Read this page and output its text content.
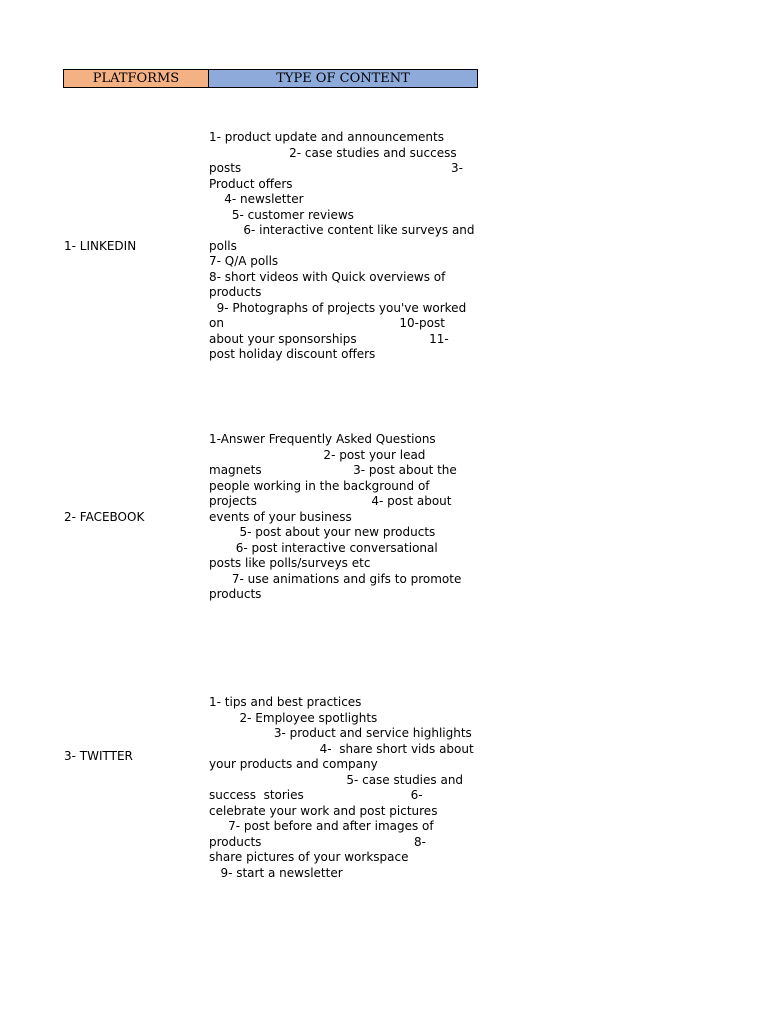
PLATFORMS	TYPE OF CONTENT
1- LINKEDIN
1- product update and announcements
2- case studies and success
posts                                                       3-
Product offers
4- newsletter
5- customer reviews
6- interactive content like surveys and
polls
7- Q/A polls
8- short videos with Quick overviews of
products
9- Photographs of projects you've worked
on                                              10-post
about your sponsorships                   11-
post holiday discount offers
2- FACEBOOK
1-Answer Frequently Asked Questions
2- post your lead
magnets                        3- post about the
people working in the background of
projects                              4- post about
events of your business
5- post about your new products
6- post interactive conversational
posts like polls/surveys etc
7- use animations and gifs to promote
products
3- TWITTER
1- tips and best practices
2- Employee spotlights
3- product and service highlights
4-  share short vids about
your products and company
5- case studies and
success  stories                            6-
celebrate your work and post pictures
7- post before and after images of
products                                        8-
share pictures of your workspace
9- start a newsletter
